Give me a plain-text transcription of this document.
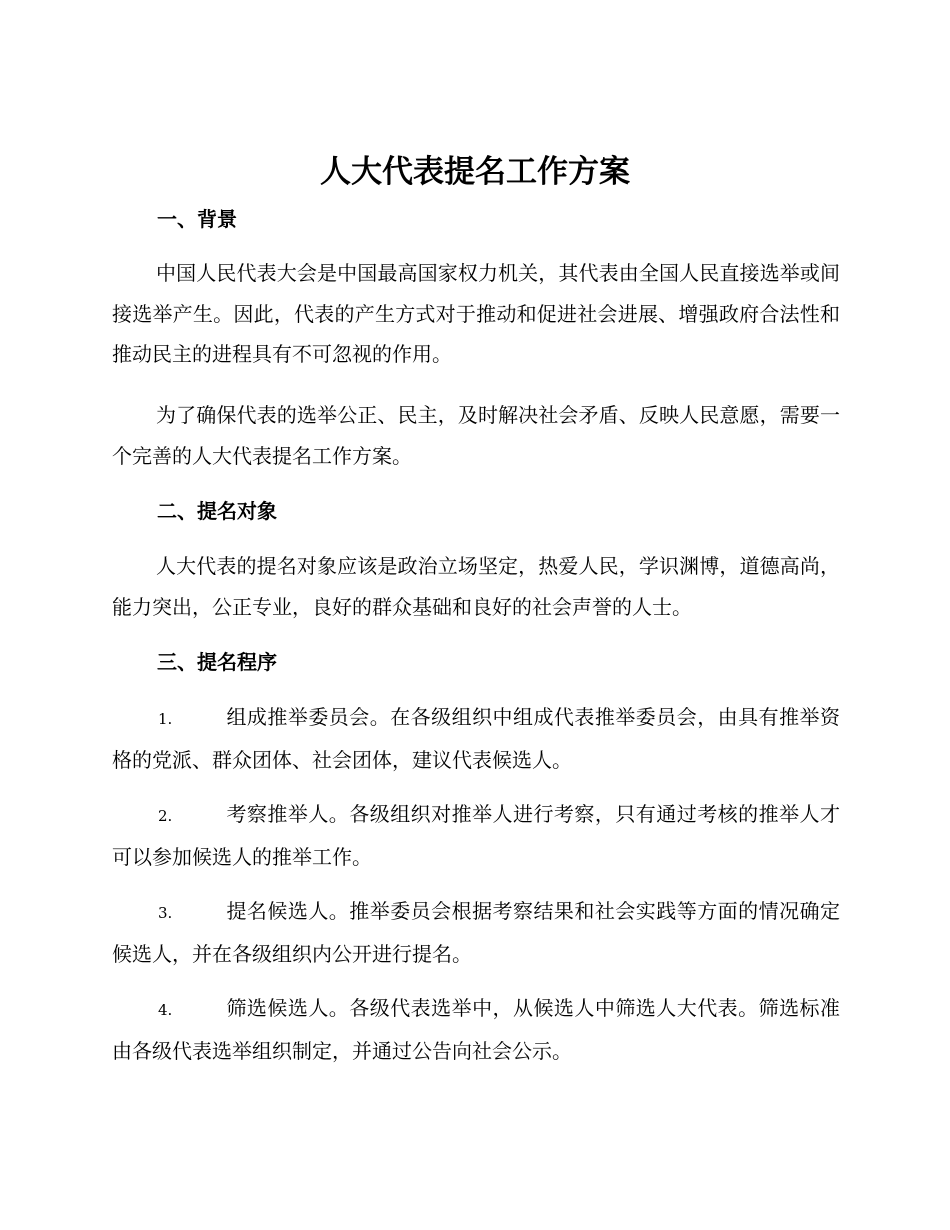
人大代表提名工作方案
一、背景
中国人民代表大会是中国最高国家权力机关，其代表由全国人民直接选举或间接选举产生。因此，代表的产生方式对于推动和促进社会进展、增强政府合法性和推动民主的进程具有不可忽视的作用。
为了确保代表的选举公正、民主，及时解决社会矛盾、反映人民意愿，需要一个完善的人大代表提名工作方案。
二、提名对象
人大代表的提名对象应该是政治立场坚定，热爱人民，学识渊博，道德高尚，能力突出，公正专业，良好的群众基础和良好的社会声誉的人士。
三、提名程序
1.	组成推举委员会。在各级组织中组成代表推举委员会，由具有推举资格的党派、群众团体、社会团体，建议代表候选人。
2.	考察推举人。各级组织对推举人进行考察，只有通过考核的推举人才可以参加候选人的推举工作。
3.	提名候选人。推举委员会根据考察结果和社会实践等方面的情况确定候选人，并在各级组织内公开进行提名。
4.	筛选候选人。各级代表选举中，从候选人中筛选人大代表。筛选标准由各级代表选举组织制定，并通过公告向社会公示。
